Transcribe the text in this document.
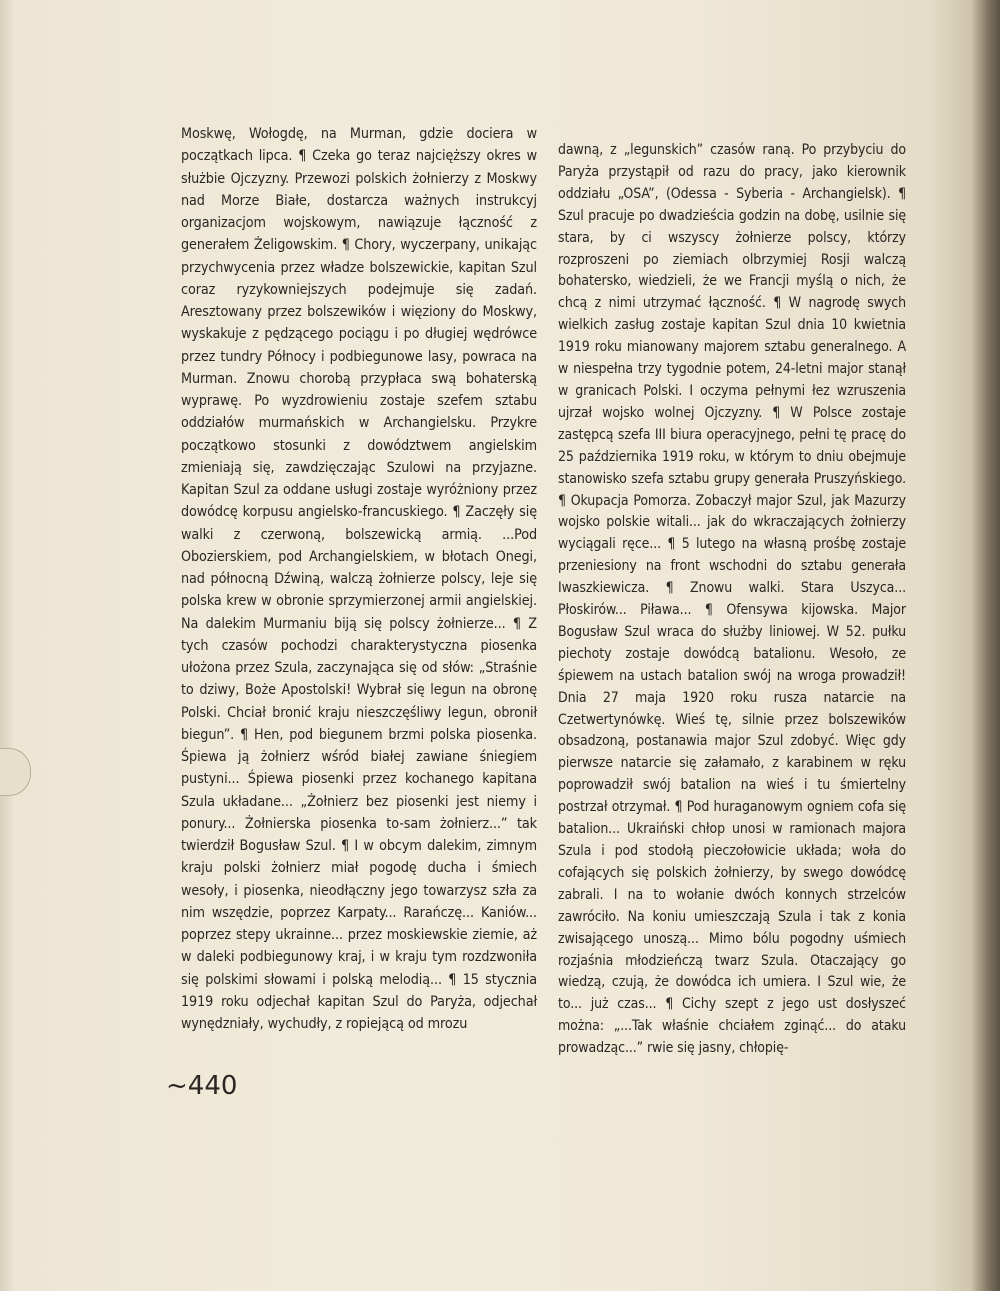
Moskwę, Wołogdę, na Murman, gdzie dociera w początkach lipca. ¶ Czeka go teraz najcięższy okres w służbie Ojczyzny. Przewozi polskich żołnierzy z Moskwy nad Morze Białe, dostarcza ważnych instrukcyj organizacjom wojskowym, nawiązuje łączność z generałem Żeligowskim. ¶ Chory, wyczerpany, unikając przychwycenia przez władze bolszewickie, kapitan Szul coraz ryzykowniejszych podejmuje się zadań. Aresztowany przez bolszewików i więziony do Moskwy, wyskakuje z pędzącego pociągu i po długiej wędrówce przez tundry Północy i podbiegunowe lasy, powraca na Murman. Znowu chorobą przypłaca swą bohaterską wyprawę. Po wyzdrowieniu zostaje szefem sztabu oddziałów murmańskich w Archangielsku. Przykre początkowo stosunki z dowództwem angielskim zmieniają się, zawdzięczając Szulowi na przyjazne. Kapitan Szul za oddane usługi zostaje wyróżniony przez dowódcę korpusu angielsko-francuskiego. ¶ Zaczęły się walki z czerwoną, bolszewicką armią. ...Pod Obozierskiem, pod Archangielskiem, w błotach Onegi, nad północną Dźwiną, walczą żołnierze polscy, leje się polska krew w obronie sprzymierzonej armii angielskiej. Na dalekim Murmaniu biją się polscy żołnierze... ¶ Z tych czasów pochodzi charakterystyczna piosenka ułożona przez Szula, zaczynająca się od słów: „Straśnie to dziwy, Boże Apostolski! Wybrał się legun na obronę Polski. Chciał bronić kraju nieszczęśliwy legun, obronił biegun”. ¶ Hen, pod biegunem brzmi polska piosenka. Śpiewa ją żołnierz wśród białej zawiane śniegiem pustyni... Śpiewa piosenki przez kochanego kapitana Szula układane... „Żołnierz bez piosenki jest niemy i ponury... Żołnierska piosenka to-sam żołnierz...” tak twierdził Bogusław Szul. ¶ I w obcym dalekim, zimnym kraju polski żołnierz miał pogodę ducha i śmiech wesoły, i piosenka, nieodłączny jego towarzysz szła za nim wszędzie, poprzez Karpaty... Rarańczę... Kaniów... poprzez stepy ukrainne... przez moskiewskie ziemie, aż w daleki podbiegunowy kraj, i w kraju tym rozdzwoniła się polskimi słowami i polską melodią... ¶ 15 stycznia 1919 roku odjechał kapitan Szul do Paryża, odjechał wynędzniały, wychudły, z ropiejącą od mrozu

dawną, z „legunskich” czasów raną. Po przybyciu do Paryża przystąpił od razu do pracy, jako kierownik oddziału „OSA”, (Odessa - Syberia - Archangielsk). ¶ Szul pracuje po dwadzieścia godzin na dobę, usilnie się stara, by ci wszyscy żołnierze polscy, którzy rozproszeni po ziemiach olbrzymiej Rosji walczą bohatersko, wiedzieli, że we Francji myślą o nich, że chcą z nimi utrzymać łączność. ¶ W nagrodę swych wielkich zasług zostaje kapitan Szul dnia 10 kwietnia 1919 roku mianowany majorem sztabu generalnego. A w niespełna trzy tygodnie potem, 24-letni major stanął w granicach Polski. I oczyma pełnymi łez wzruszenia ujrzał wojsko wolnej Ojczyzny. ¶ W Polsce zostaje zastępcą szefa III biura operacyjnego, pełni tę pracę do 25 października 1919 roku, w którym to dniu obejmuje stanowisko szefa sztabu grupy generała Pruszyńskiego. ¶ Okupacja Pomorza. Zobaczył major Szul, jak Mazurzy wojsko polskie witali... jak do wkraczających żołnierzy wyciągali ręce... ¶ 5 lutego na własną prośbę zostaje przeniesiony na front wschodni do sztabu generała Iwaszkiewicza. ¶ Znowu walki. Stara Uszyca... Płoskirów... Piława... ¶ Ofensywa kijowska. Major Bogusław Szul wraca do służby liniowej. W 52. pułku piechoty zostaje dowódcą batalionu. Wesoło, ze śpiewem na ustach batalion swój na wroga prowadził! Dnia 27 maja 1920 roku rusza natarcie na Czetwertynówkę. Wieś tę, silnie przez bolszewików obsadzoną, postanawia major Szul zdobyć. Więc gdy pierwsze natarcie się załamało, z karabinem w ręku poprowadził swój batalion na wieś i tu śmiertelny postrzał otrzymał. ¶ Pod huraganowym ogniem cofa się batalion... Ukraiński chłop unosi w ramionach majora Szula i pod stodołą pieczołowicie układa; woła do cofających się polskich żołnierzy, by swego dowódcę zabrali. I na to wołanie dwóch konnych strzelców zawróciło. Na koniu umieszczają Szula i tak z konia zwisającego unoszą... Mimo bólu pogodny uśmiech rozjaśnia młodzieńczą twarz Szula. Otaczający go wiedzą, czują, że dowódca ich umiera. I Szul wie, że to... już czas... ¶ Cichy szept z jego ust dosłyszeć można: „...Tak właśnie chciałem zginąć... do ataku prowadząc...” rwie się jasny, chłopię-

~440
